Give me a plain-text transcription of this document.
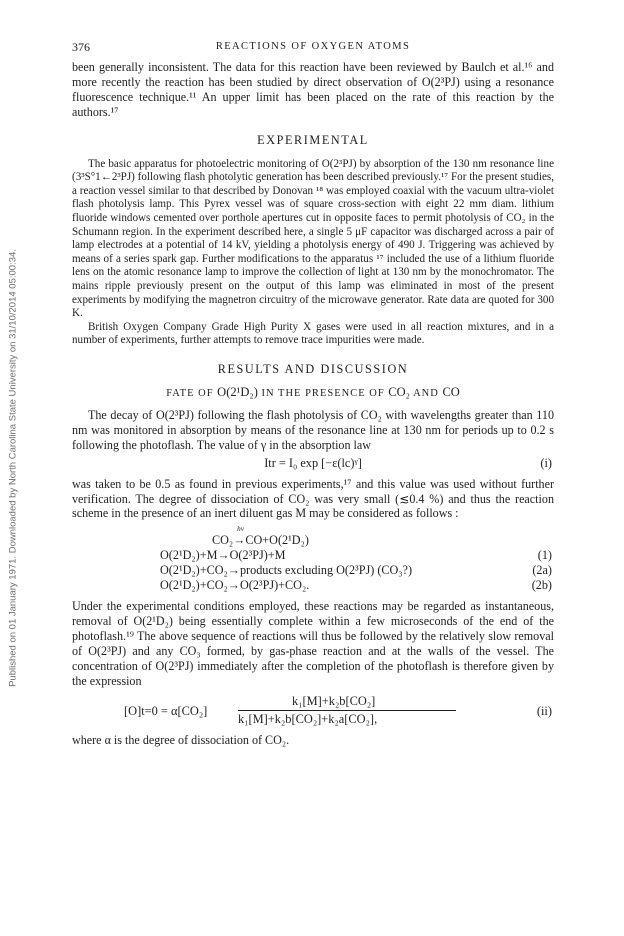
Published on 01 January 1971. Downloaded by North Carolina State University on 31/10/2014 05:00:34.
376	REACTIONS OF OXYGEN ATOMS

been generally inconsistent. The data for this reaction have been reviewed by Baulch et al.¹⁶ and more recently the reaction has been studied by direct observation of O(2³PJ) using a resonance fluorescence technique.¹¹ An upper limit has been placed on the rate of this reaction by the authors.¹⁷

EXPERIMENTAL

The basic apparatus for photoelectric monitoring of O(2³PJ) by absorption of the 130 nm resonance line (3³S°1←2³PJ) following flash photolytic generation has been described previously.¹⁷ For the present studies, a reaction vessel similar to that described by Donovan ¹⁸ was employed coaxial with the vacuum ultra-violet flash photolysis lamp. This Pyrex vessel was of square cross-section with eight 22 mm diam. lithium fluoride windows cemented over porthole apertures cut in opposite faces to permit photolysis of CO₂ in the Schumann region. In the experiment described here, a single 5 μF capacitor was discharged across a pair of lamp electrodes at a potential of 14 kV, yielding a photolysis energy of 490 J. Triggering was achieved by means of a series spark gap. Further modifications to the apparatus ¹⁷ included the use of a lithium fluoride lens on the atomic resonance lamp to improve the collection of light at 130 nm by the monochromator. The mains ripple previously present on the output of this lamp was eliminated in most of the present experiments by modifying the magnetron circuitry of the microwave generator. Rate data are quoted for 300 K.

British Oxygen Company Grade High Purity X gases were used in all reaction mixtures, and in a number of experiments, further attempts to remove trace impurities were made.

RESULTS AND DISCUSSION
FATE OF O(2¹D₂) IN THE PRESENCE OF CO₂ AND CO

The decay of O(2³PJ) following the flash photolysis of CO₂ with wavelengths greater than 110 nm was monitored in absorption by means of the resonance line at 130 nm for periods up to 0.2 s following the photoflash. The value of γ in the absorption law

Itr = I₀ exp [−ε(lc)ᵞ]	(i)

was taken to be 0.5 as found in previous experiments,¹⁷ and this value was used without further verification. The degree of dissociation of CO₂ was very small (≲0.4 %) and thus the reaction scheme in the presence of an inert diluent gas M may be considered as follows :

hν
CO₂→CO+O(2¹D₂)
O(2¹D₂)+M→O(2³PJ)+M	(1)
O(2¹D₂)+CO₂→products excluding O(2³PJ) (CO₃?)	(2a)
O(2¹D₂)+CO₂→O(2³PJ)+CO₂.	(2b)

Under the experimental conditions employed, these reactions may be regarded as instantaneous, removal of O(2¹D₂) being essentially complete within a few microseconds of the end of the photoflash.¹⁹ The above sequence of reactions will thus be followed by the relatively slow removal of O(2³PJ) and any CO₃ formed, by gas-phase reaction and at the walls of the vessel. The concentration of O(2³PJ) immediately after the completion of the photoflash is therefore given by the expression

[O]t=0 = α[CO₂]
k₁[M]+k₂b[CO₂]
k₁[M]+k₂b[CO₂]+k₂a[CO₂],
(ii)

where α is the degree of dissociation of CO₂.
